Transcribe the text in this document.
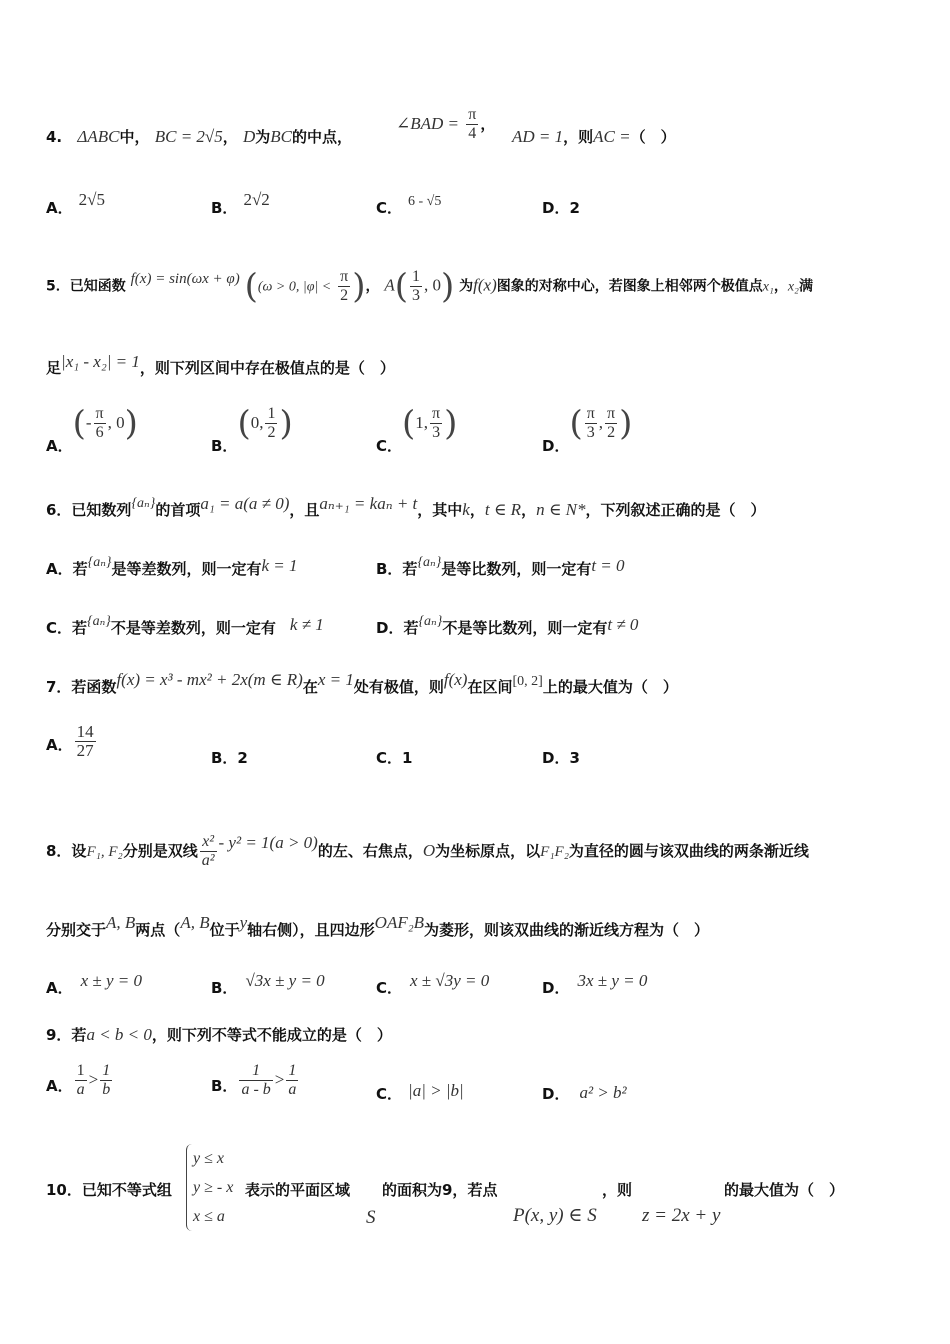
4. ΔABC中， BC = 2√5， D为BC的中点，
∠BAD = $\frac{\pi}{4}$ ，
AD = 1，则AC =（　）
A． 2√5	B． 2√2	C． 6 - √5	D．2
5．已知函数 f(x) = sin(ωx + φ) ((ω > 0, $|\varphi| < \frac{\pi}{2}$ )， $A( \frac{1}{3}$ , 0) 为f(x)图象的对称中心，若图象上相邻两个极值点x₁，x₂满
足|x₁ - x₂| = 1，则下列区间中存在极值点的是（　）
A．(- $\frac{\pi}{6}$ , 0)
B．(0, $\frac{1}{2}$ )
C．(1, $\frac{\pi}{3}$ )
D．( $\frac{\pi}{3}$ , $\frac{\pi}{2}$ )
6．已知数列{aₙ}的首项a₁ = a(a ≠ 0)，且aₙ₊₁ = kaₙ + t，其中k，t ∈ R，n ∈ N*，下列叙述正确的是（　）
A．若{aₙ}是等差数列，则一定有k = 1	B．若{aₙ}是等比数列，则一定有t = 0
C．若{aₙ}不是等差数列，则一定有 k ≠ 1	D．若{aₙ}不是等比数列，则一定有t ≠ 0
7．若函数f(x) = x³ - mx² + 2x(m ∈ R)在x = 1处有极值，则f(x)在区间[0, 2]上的最大值为（　）
A． $\frac{14}{27}$	B．2	C．1	D．3
8．设F₁, F₂分别是双线 $\frac{\text{x²}}{\text{a²}} - y^2 = 1(a > 0)$的左、右焦点，O为坐标原点，以F₁F₂为直径的圆与该双曲线的两条渐近线
分别交于A, B两点（A, B位于y轴右侧），且四边形OAF₂B为菱形，则该双曲线的渐近线方程为（　）
A． x ± y = 0	B． √3x ± y = 0	C． x ± √3y = 0	D． 3x ± y = 0
9．若a < b < 0，则下列不等式不能成立的是（　）
A． $\frac{1}{a} > \frac{1}{b}$	B． $\frac{1}{a - b} > \frac{1}{a}$	C． |a| > |b|	D． a² > b²
10．已知不等式组
y ≤ x
y ≥ - x
x ≤ a
表示的平面区域 的面积为9，若点	，则	的最大值为（　）
S	P(x, y) ∈ S z = 2x + y
